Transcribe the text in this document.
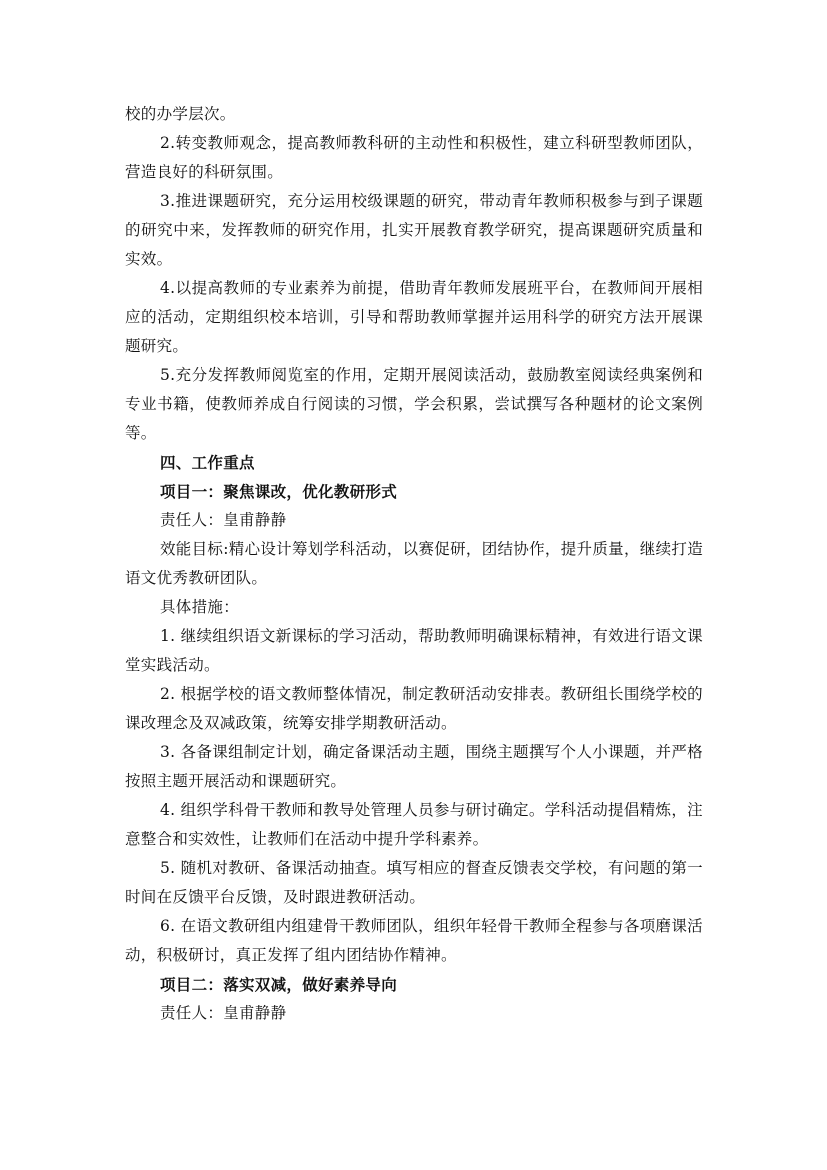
校的办学层次。

2.转变教师观念，提高教师教科研的主动性和积极性，建立科研型教师团队，营造良好的科研氛围。

3.推进课题研究，充分运用校级课题的研究，带动青年教师积极参与到子课题的研究中来，发挥教师的研究作用，扎实开展教育教学研究，提高课题研究质量和实效。

4.以提高教师的专业素养为前提，借助青年教师发展班平台，在教师间开展相应的活动，定期组织校本培训，引导和帮助教师掌握并运用科学的研究方法开展课题研究。

5.充分发挥教师阅览室的作用，定期开展阅读活动，鼓励教室阅读经典案例和专业书籍，使教师养成自行阅读的习惯，学会积累，尝试撰写各种题材的论文案例等。

四、工作重点

项目一：聚焦课改，优化教研形式

责任人：皇甫静静

效能目标:精心设计筹划学科活动，以赛促研，团结协作，提升质量，继续打造语文优秀教研团队。

具体措施：

1. 继续组织语文新课标的学习活动，帮助教师明确课标精神，有效进行语文课堂实践活动。

2. 根据学校的语文教师整体情况，制定教研活动安排表。教研组长围绕学校的课改理念及双减政策，统筹安排学期教研活动。

3. 各备课组制定计划，确定备课活动主题，围绕主题撰写个人小课题，并严格按照主题开展活动和课题研究。

4. 组织学科骨干教师和教导处管理人员参与研讨确定。学科活动提倡精炼，注意整合和实效性，让教师们在活动中提升学科素养。

5. 随机对教研、备课活动抽查。填写相应的督查反馈表交学校，有问题的第一时间在反馈平台反馈，及时跟进教研活动。

6. 在语文教研组内组建骨干教师团队，组织年轻骨干教师全程参与各项磨课活动，积极研讨，真正发挥了组内团结协作精神。

项目二：落实双减，做好素养导向

责任人：皇甫静静
